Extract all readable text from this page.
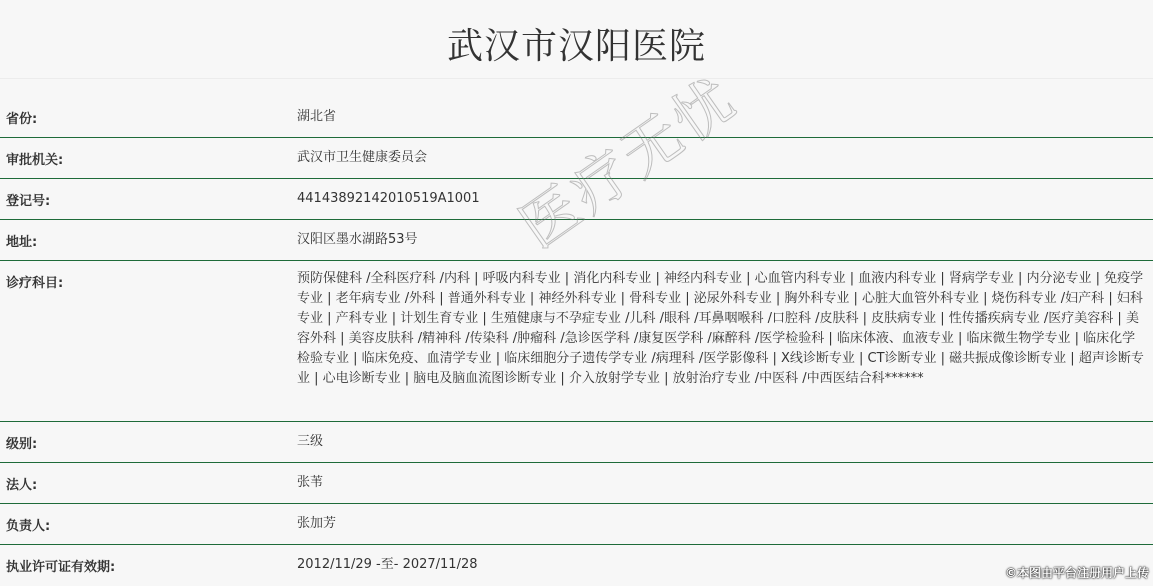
武汉市汉阳医院
省份:	湖北省
审批机关:	武汉市卫生健康委员会
登记号:	44143892142010519A1001
地址:	汉阳区墨水湖路53号
诊疗科目:	预防保健科 /全科医疗科 /内科 | 呼吸内科专业 | 消化内科专业 | 神经内科专业 | 心血管内科专业 | 血液内科专业 | 肾病学专业 | 内分泌专业 | 免疫学专业 | 老年病专业 /外科 | 普通外科专业 | 神经外科专业 | 骨科专业 | 泌尿外科专业 | 胸外科专业 | 心脏大血管外科专业 | 烧伤科专业 /妇产科 | 妇科专业 | 产科专业 | 计划生育专业 | 生殖健康与不孕症专业 /儿科 /眼科 /耳鼻咽喉科 /口腔科 /皮肤科 | 皮肤病专业 | 性传播疾病专业 /医疗美容科 | 美容外科 | 美容皮肤科 /精神科 /传染科 /肿瘤科 /急诊医学科 /康复医学科 /麻醉科 /医学检验科 | 临床体液、血液专业 | 临床微生物学专业 | 临床化学检验专业 | 临床免疫、血清学专业 | 临床细胞分子遗传学专业 /病理科 /医学影像科 | X线诊断专业 | CT诊断专业 | 磁共振成像诊断专业 | 超声诊断专业 | 心电诊断专业 | 脑电及脑血流图诊断专业 | 介入放射学专业 | 放射治疗专业 /中医科 /中西医结合科******
级别:	三级
法人:	张苇
负责人:	张加芳
执业许可证有效期:	2012/11/29 -至- 2027/11/28
医疗无忧
©本图由平台注册用户上传
